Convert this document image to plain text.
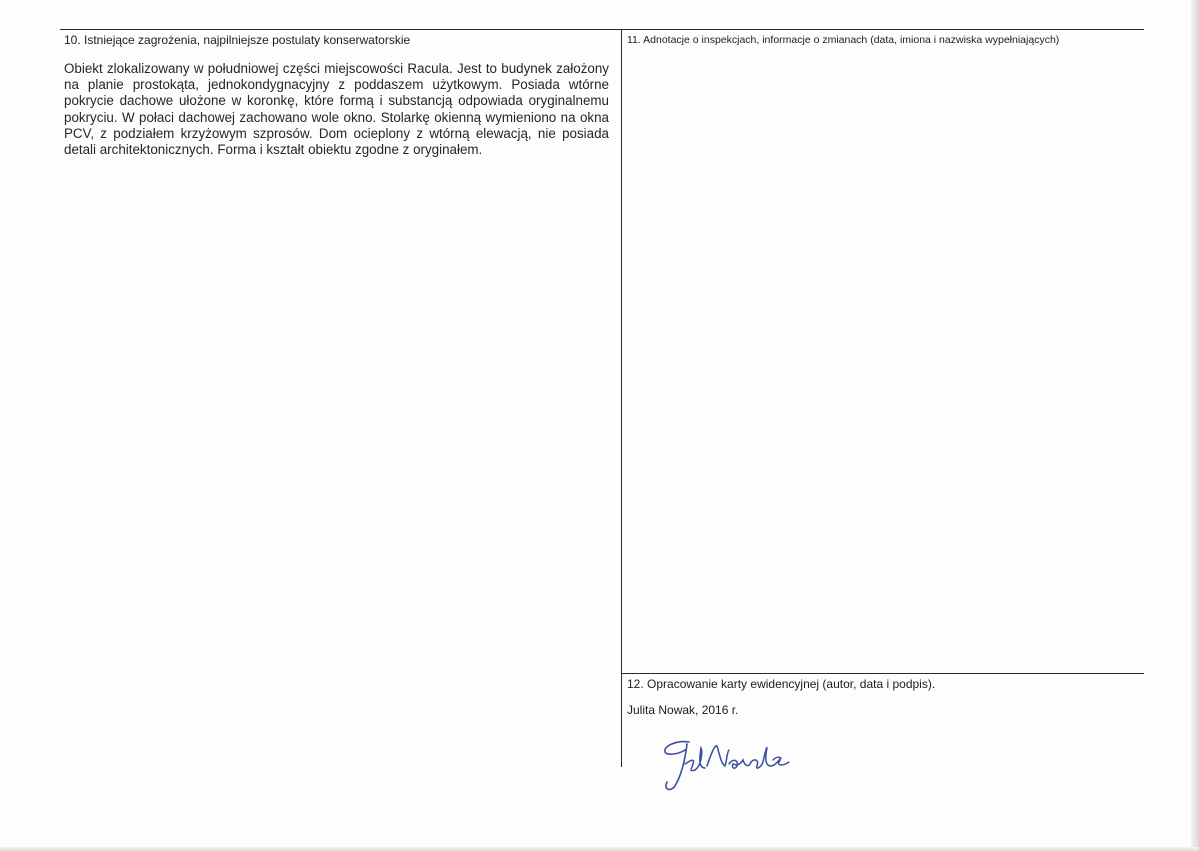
10. Istniejące zagrożenia, najpilniejsze postulaty konserwatorskie
Obiekt zlokalizowany w południowej części miejscowości Racula. Jest to budynek założony na planie prostokąta, jednokondygnacyjny z poddaszem użytkowym. Posiada wtórne pokrycie dachowe ułożone w koronkę, które formą i substancją odpowiada oryginalnemu pokryciu. W połaci dachowej zachowano wole okno. Stolarkę okienną wymieniono na okna PCV, z podziałem krzyżowym szprosów. Dom ocieplony z wtórną elewacją, nie posiada detali architektonicznych. Forma i kształt obiektu zgodne z oryginałem.
11. Adnotacje o inspekcjach, informacje o zmianach (data, imiona i nazwiska wypełniających)
12. Opracowanie karty ewidencyjnej (autor, data i podpis).
Julita Nowak, 2016 r.
